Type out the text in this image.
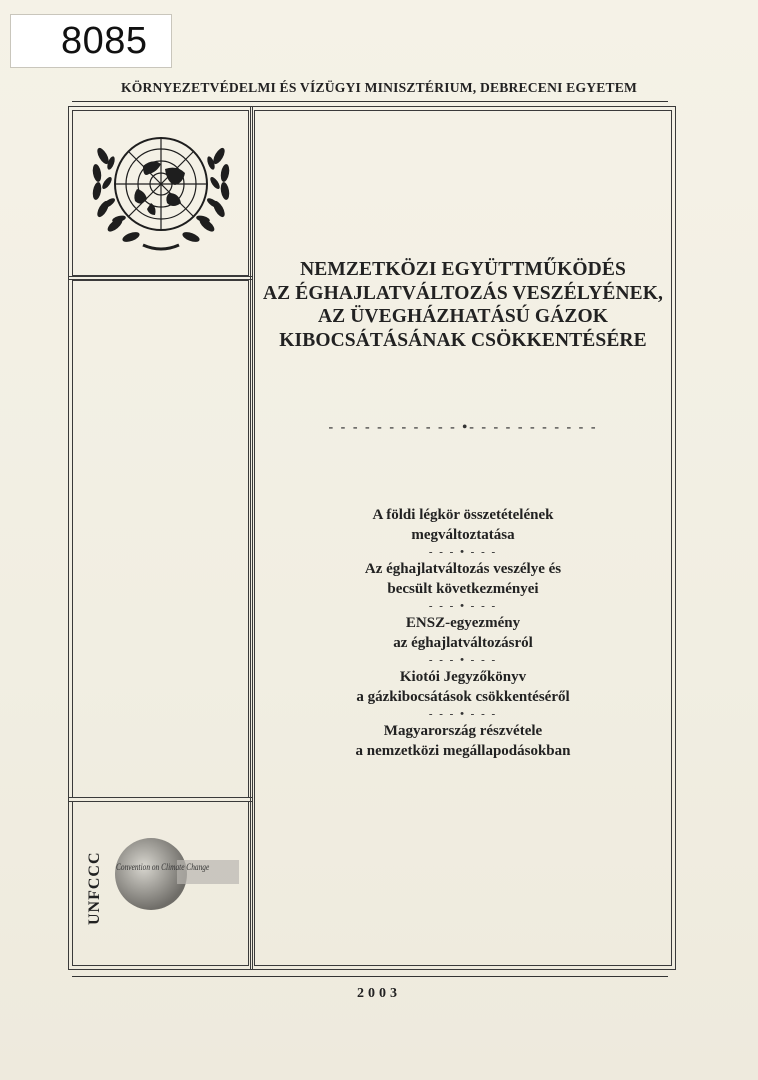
8085
KÖRNYEZETVÉDELMI ÉS VÍZÜGYI MINISZTÉRIUM, DEBRECENI EGYETEM
UNFCCC Convention on Climate Change
NEMZETKÖZI EGYÜTTMŰKÖDÉS
AZ ÉGHAJLATVÁLTOZÁS VESZÉLYÉNEK,
AZ ÜVEGHÁZHATÁSÚ GÁZOK
KIBOCSÁTÁSÁNAK CSÖKKENTÉSÉRE
- - - - - - - - - - - •- - - - - - - - - - -
A földi légkör összetételének
megváltoztatása
- - - • - - -
Az éghajlatváltozás veszélye és
becsült következményei
- - - • - - -
ENSZ-egyezmény
az éghajlatváltozásról
- - - • - - -
Kiotói Jegyzőkönyv
a gázkibocsátások csökkentéséről
- - - • - - -
Magyarország részvétele
a nemzetközi megállapodásokban
2003
